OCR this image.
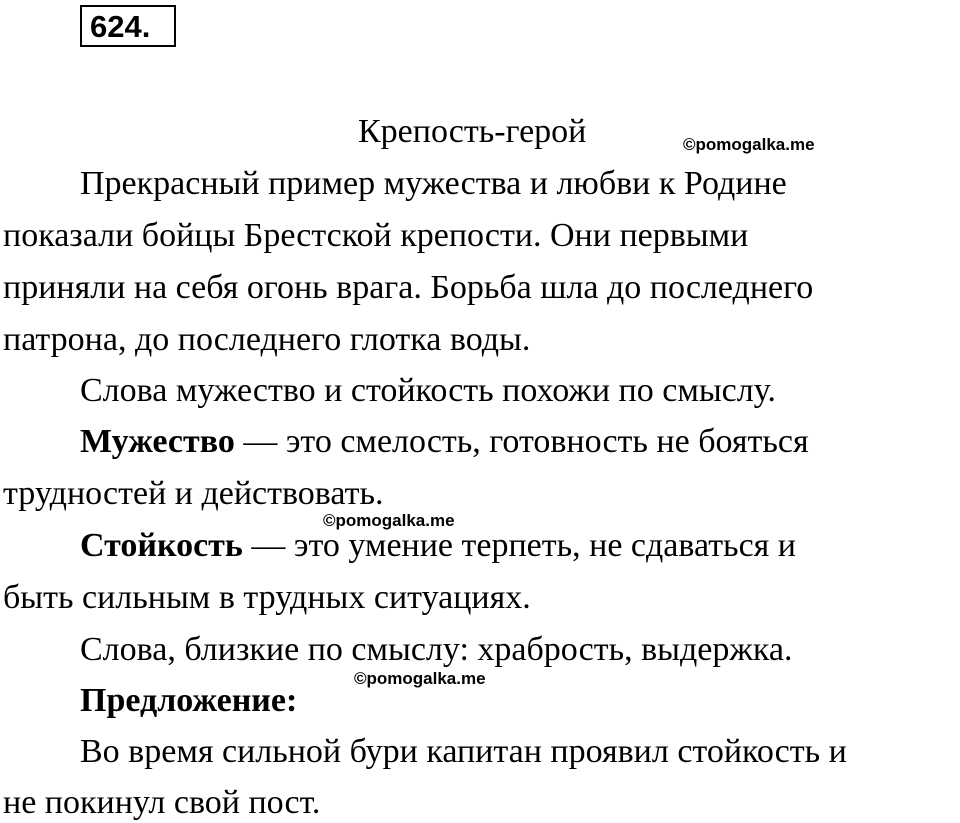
624.
Крепость-герой	©pomogalka.me
Прекрасный пример мужества и любви к Родине
показали бойцы Брестской крепости. Они первыми
приняли на себя огонь врага. Борьба шла до последнего
патрона, до последнего глотка воды.
Слова мужество и стойкость похожи по смыслу.
Мужество — это смелость, готовность не бояться
трудностей и действовать.
©pomogalka.me
Стойкость — это умение терпеть, не сдаваться и
быть сильным в трудных ситуациях.
Слова, близкие по смыслу: храбрость, выдержка.
Предложение:
©pomogalka.me
Во время сильной бури капитан проявил стойкость и
не покинул свой пост.
